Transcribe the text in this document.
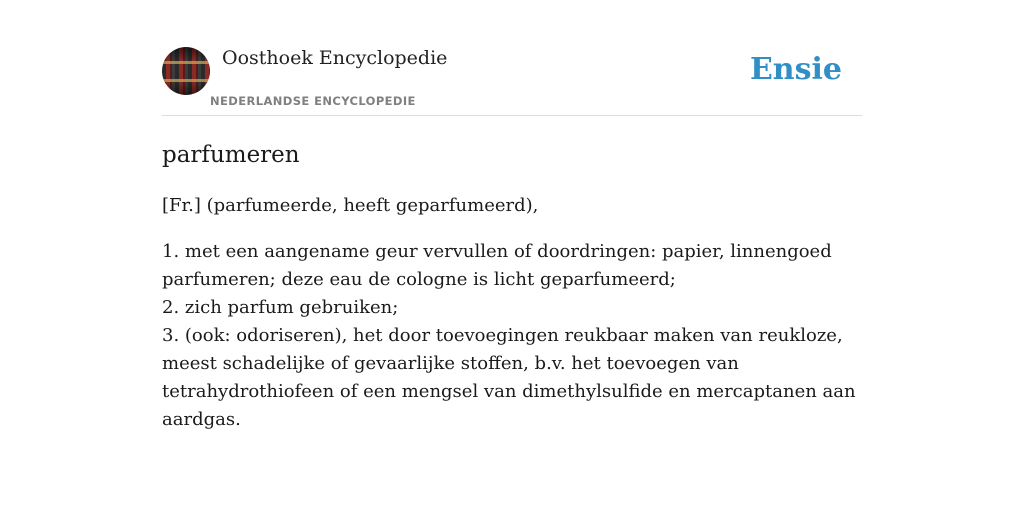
Oosthoek Encyclopedie
NEDERLANDSE ENCYCLOPEDIE
Ensie
parfumeren
[Fr.] (parfumeerde, heeft geparfumeerd),

1. met een aangename geur vervullen of doordringen: papier, linnengoed parfumeren; deze eau de cologne is licht geparfumeerd;

2. zich parfum gebruiken;

3. (ook: odoriseren), het door toevoegingen reukbaar maken van reukloze, meest schadelijke of gevaarlijke stoffen, b.v. het toevoegen van tetrahydrothiofeen of een mengsel van dimethylsulfide en mercaptanen aan aardgas.
